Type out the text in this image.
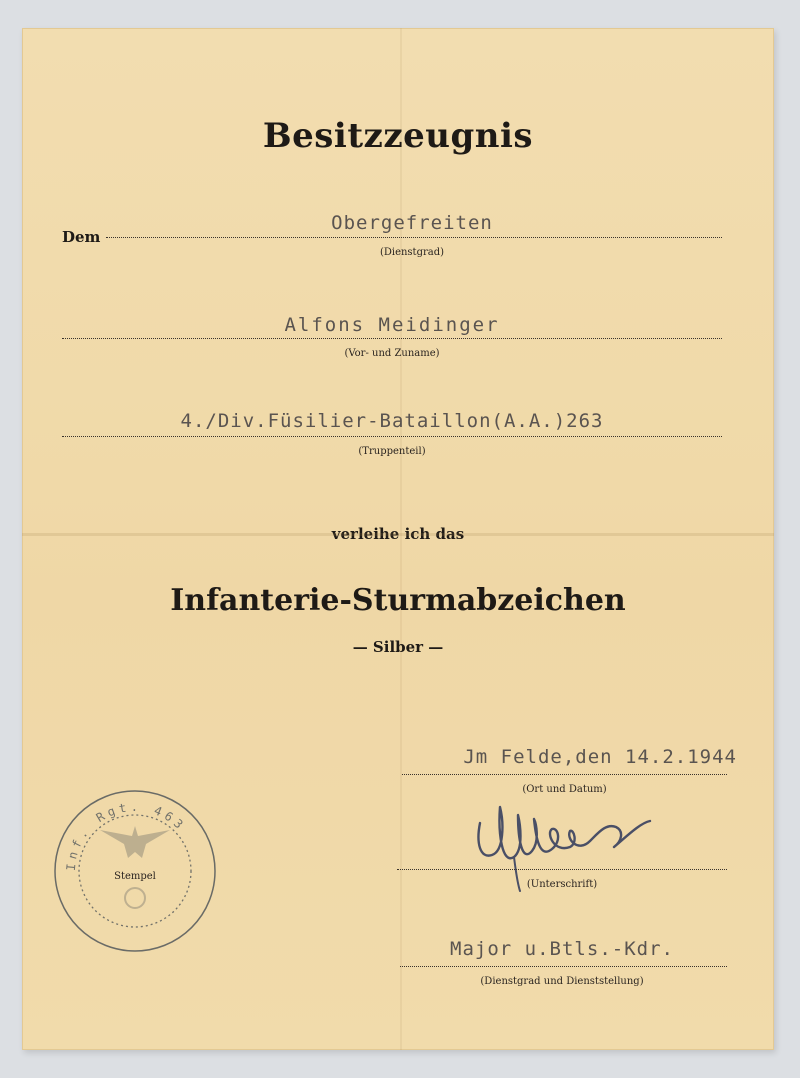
Besitzzeugnis
Dem
Obergefreiten
(Dienstgrad)
Alfons Meidinger
(Vor- und Zuname)
4./Div.Füsilier-Bataillon(A.A.)263
(Truppenteil)
verleihe ich das
Infanterie-Sturmabzeichen
— Silber —
Jm Felde,den 14.2.1944
(Ort und Datum)
(Unterschrift)
Major u.Btls.-Kdr.
(Dienstgrad und Dienststellung)
Inf. Rgt. 463
Stempel
